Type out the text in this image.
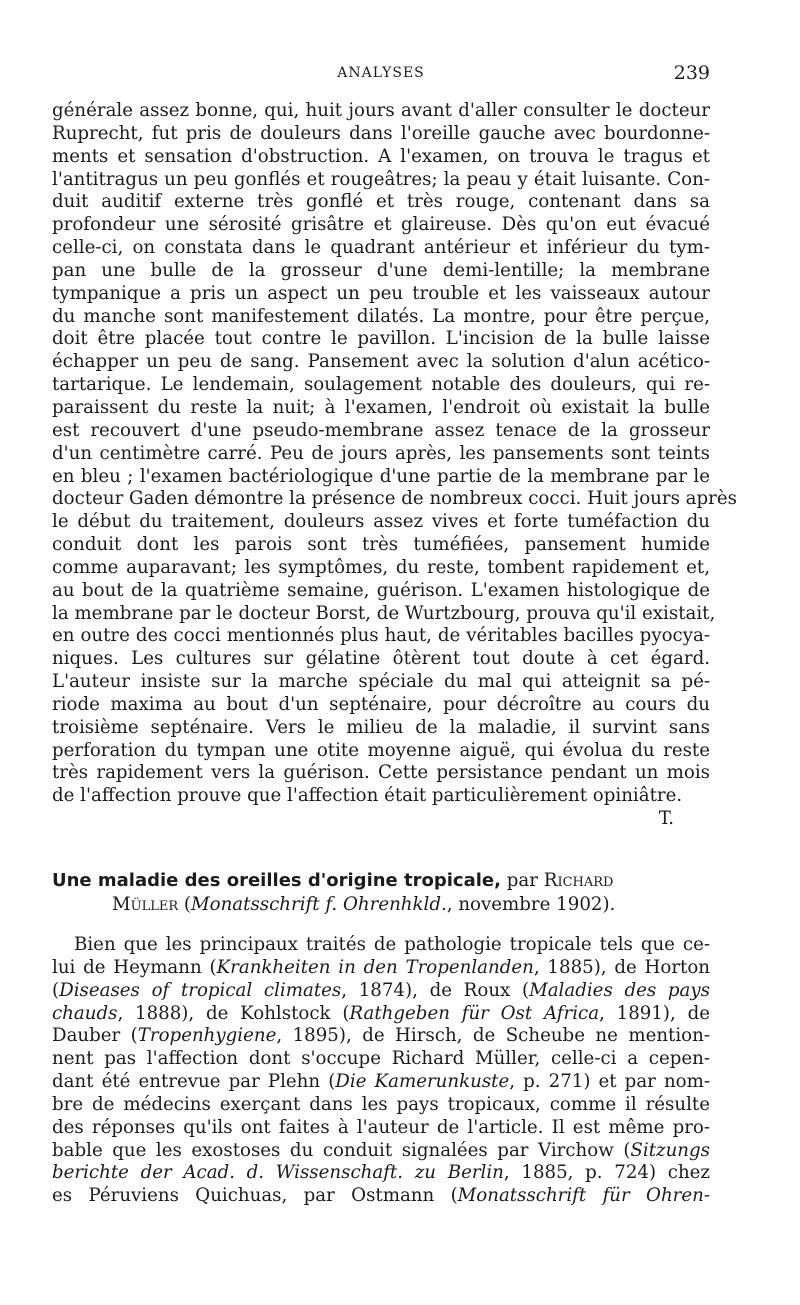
ANALYSES	239
générale assez bonne, qui, huit jours avant d'aller consulter le docteur
Ruprecht, fut pris de douleurs dans l'oreille gauche avec bourdonne-
ments et sensation d'obstruction. A l'examen, on trouva le tragus et
l'antitragus un peu gonflés et rougeâtres; la peau y était luisante. Con-
duit auditif externe très gonflé et très rouge, contenant dans sa
profondeur une sérosité grisâtre et glaireuse. Dès qu'on eut évacué
celle-ci, on constata dans le quadrant antérieur et inférieur du tym-
pan une bulle de la grosseur d'une demi-lentille; la membrane
tympanique a pris un aspect un peu trouble et les vaisseaux autour
du manche sont manifestement dilatés. La montre, pour être perçue,
doit être placée tout contre le pavillon. L'incision de la bulle laisse
échapper un peu de sang. Pansement avec la solution d'alun acético-
tartarique. Le lendemain, soulagement notable des douleurs, qui re-
paraissent du reste la nuit; à l'examen, l'endroit où existait la bulle
est recouvert d'une pseudo-membrane assez tenace de la grosseur
d'un centimètre carré. Peu de jours après, les pansements sont teints
en bleu ; l'examen bactériologique d'une partie de la membrane par le
docteur Gaden démontre la présence de nombreux cocci. Huit jours après
le début du traitement, douleurs assez vives et forte tuméfaction du
conduit dont les parois sont très tuméfiées, pansement humide
comme auparavant; les symptômes, du reste, tombent rapidement et,
au bout de la quatrième semaine, guérison. L'examen histologique de
la membrane par le docteur Borst, de Wurtzbourg, prouva qu'il existait,
en outre des cocci mentionnés plus haut, de véritables bacilles pyocya-
niques. Les cultures sur gélatine ôtèrent tout doute à cet égard.
L'auteur insiste sur la marche spéciale du mal qui atteignit sa pé-
riode maxima au bout d'un septénaire, pour décroître au cours du
troisième septénaire. Vers le milieu de la maladie, il survint sans
perforation du tympan une otite moyenne aiguë, qui évolua du reste
très rapidement vers la guérison. Cette persistance pendant un mois
de l'affection prouve que l'affection était particulièrement opiniâtre.
T.
Une maladie des oreilles d'origine tropicale, par Richard
Müller (Monatsschrift f. Ohrenhkld., novembre 1902).
Bien que les principaux traités de pathologie tropicale tels que ce-
lui de Heymann (Krankheiten in den Tropenlanden, 1885), de Horton
(Diseases of tropical climates, 1874), de Roux (Maladies des pays
chauds, 1888), de Kohlstock (Rathgeben für Ost Africa, 1891), de
Dauber (Tropenhygiene, 1895), de Hirsch, de Scheube ne mention-
nent pas l'affection dont s'occupe Richard Müller, celle-ci a cepen-
dant été entrevue par Plehn (Die Kamerunkuste, p. 271) et par nom-
bre de médecins exerçant dans les pays tropicaux, comme il résulte
des réponses qu'ils ont faites à l'auteur de l'article. Il est même pro-
bable que les exostoses du conduit signalées par Virchow (Sitzungs
berichte der Acad. d. Wissenschaft. zu Berlin, 1885, p. 724) chez
es Péruviens Quichuas, par Ostmann (Monatsschrift für Ohren-
